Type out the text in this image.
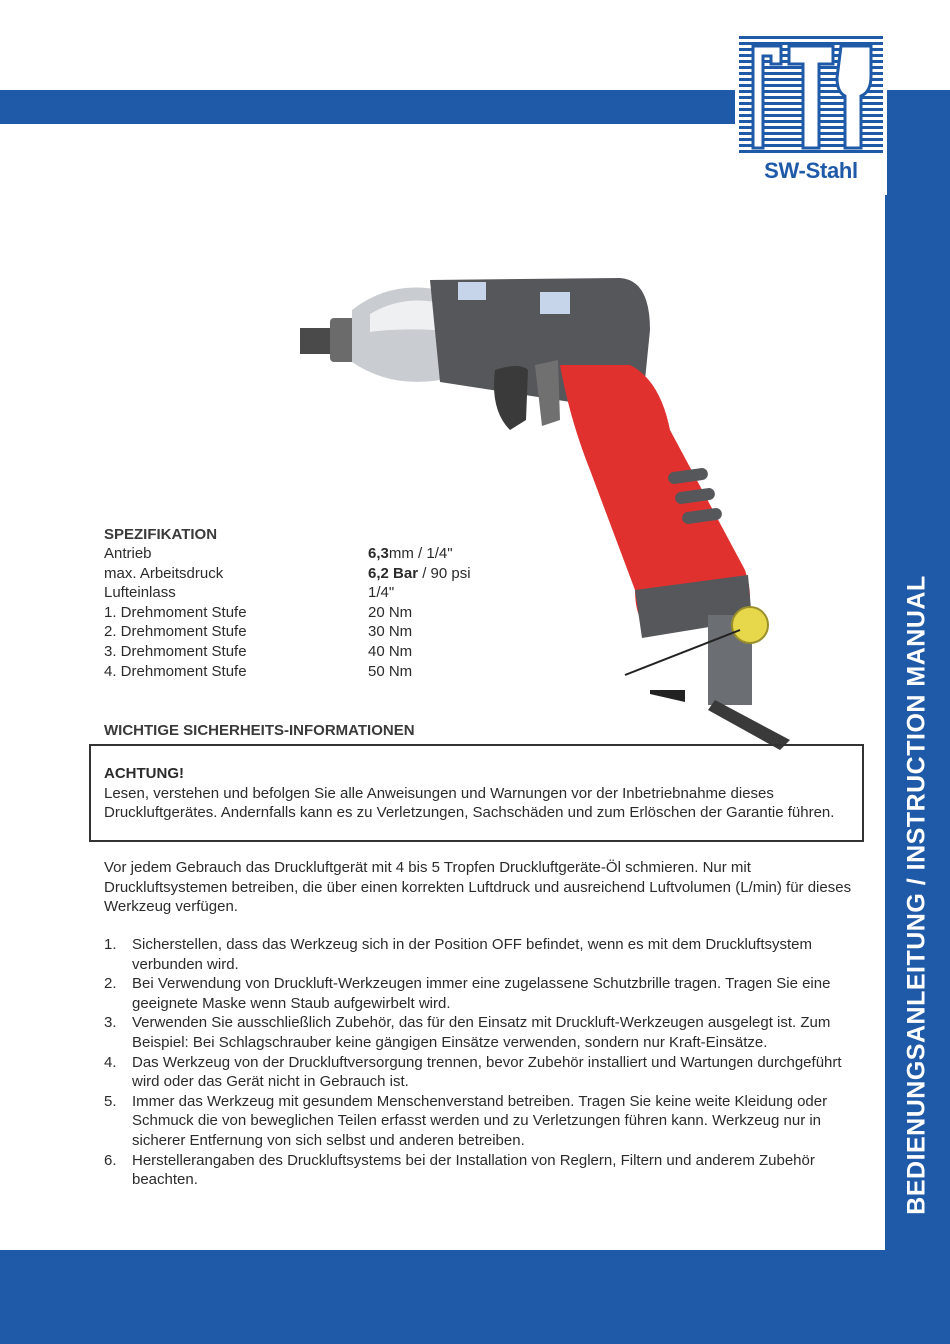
BEDIENUNGSANLEITUNG / INSTRUCTION MANUAL
SW-Stahl
SPEZIFIKATION
Antrieb	6,3mm / 1/4"
max. Arbeitsdruck	6,2 Bar / 90 psi
Lufteinlass	1/4"
1. Drehmoment Stufe	20 Nm
2. Drehmoment Stufe	30 Nm
3. Drehmoment Stufe	40 Nm
4. Drehmoment Stufe	50 Nm
WICHTIGE SICHERHEITS-INFORMATIONEN
ACHTUNG!
Lesen, verstehen und befolgen Sie alle Anweisungen und Warnungen vor der Inbetriebnahme dieses Druckluftgerätes. Andernfalls kann es zu Verletzungen, Sachschäden und zum Erlöschen der Garantie führen.
Vor jedem Gebrauch das Druckluftgerät mit 4 bis 5 Tropfen Druckluftgeräte-Öl schmieren. Nur mit Druckluftsystemen betreiben, die über einen korrekten Luftdruck und ausreichend Luftvolumen (L/min) für dieses Werkzeug verfügen.
1. Sicherstellen, dass das Werkzeug sich in der Position OFF befindet, wenn es mit dem Druckluftsystem verbunden wird.
2. Bei Verwendung von Druckluft-Werkzeugen immer eine zugelassene Schutzbrille tragen. Tragen Sie eine geeignete Maske wenn Staub aufgewirbelt wird.
3. Verwenden Sie ausschließlich Zubehör, das für den Einsatz mit Druckluft-Werkzeugen ausgelegt ist. Zum Beispiel: Bei Schlagschrauber keine gängigen Einsätze verwenden, sondern nur Kraft-Einsätze.
4. Das Werkzeug von der Druckluftversorgung trennen, bevor Zubehör installiert und Wartungen durchgeführt wird oder das Gerät nicht in Gebrauch ist.
5. Immer das Werkzeug mit gesundem Menschenverstand betreiben. Tragen Sie keine weite Kleidung oder Schmuck die von beweglichen Teilen erfasst werden und zu Verletzungen führen kann. Werkzeug nur in sicherer Entfernung von sich selbst und anderen betreiben.
6. Herstellerangaben des Druckluftsystems bei der Installation von Reglern, Filtern und anderem Zubehör beachten.
